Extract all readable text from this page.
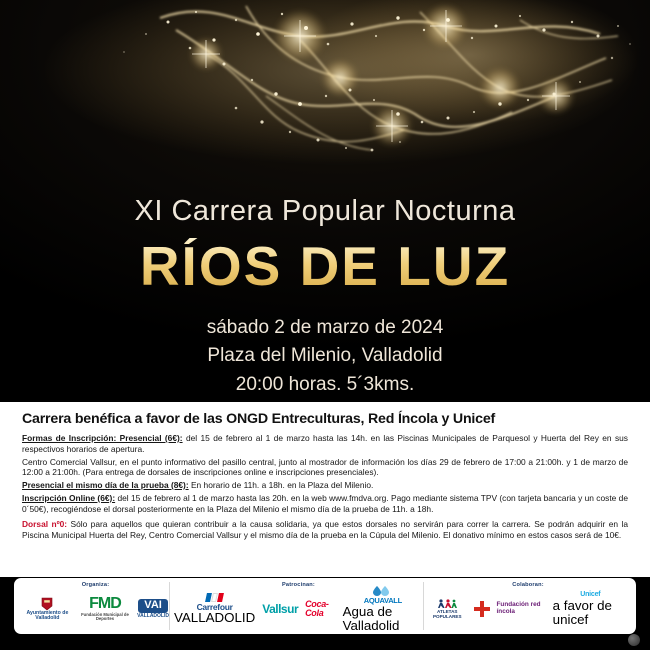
XI Carrera Popular Nocturna
RÍOS DE LUZ
sábado 2 de marzo de 2024
Plaza del Milenio, Valladolid
20:00 horas. 5´3kms.
Carrera benéfica a favor de las ONGD Entreculturas, Red Íncola y Unicef
Formas de Inscripción: Presencial (6€): del 15 de febrero al 1 de marzo hasta las 14h. en las Piscinas Municipales de Parquesol y Huerta del Rey en sus respectivos horarios de apertura.
Centro Comercial Vallsur, en el punto informativo del pasillo central, junto al mostrador de información los días 29 de febrero de 17:00 a 21:00h. y 1 de marzo de 12:00 a 21:00h. (Para entrega de dorsales de inscripciones online e inscripciones presenciales).
Presencial el mismo día de la prueba (8€): En horario de 11h. a 18h. en la Plaza del Milenio.
Inscripción Online (6€): del 15 de febrero al 1 de marzo hasta las 20h. en la web www.fmdva.org. Pago mediante sistema TPV (con tarjeta bancaria y un coste de 0´50€), recogiéndose el dorsal posteriormente en la Plaza del Milenio el mismo día de la prueba de 11h. a 18h.
Dorsal nº0: Sólo para aquellos que quieran contribuir a la causa solidaria, ya que estos dorsales no servirán para correr la carrera. Se podrán adquirir en la Piscina Municipal Huerta del Rey, Centro Comercial Vallsur y el mismo día de la prueba en la Cúpula del Milenio. El donativo mínimo en estos casos será de 10€.
Organiza:
Ayuntamiento de Valladolid
FMD
Fundación Municipal de Deportes
VAI
VALLADOLID
Patrocinan:
Carrefour
VALLADOLID
Vallsur Coca-Cola
AQUAVALL
Agua de Valladolid
Colaboran:
ATLETAS POPULARES
Fundación red íncola
Unicef
a favor de unicef
